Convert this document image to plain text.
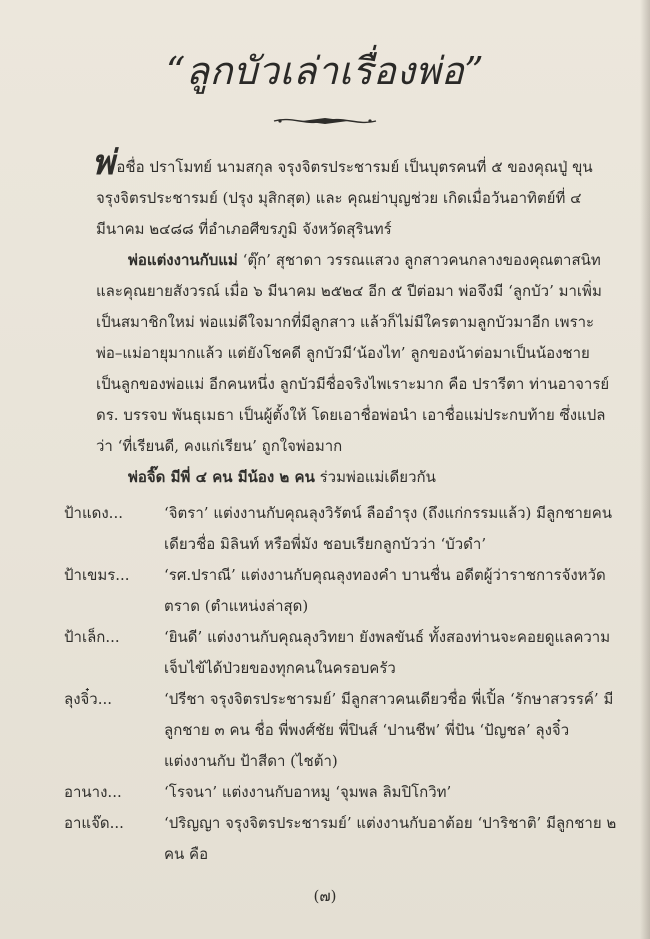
“ลูกบัวเล่าเรื่องพ่อ”

พ่อชื่อ ปราโมทย์ นามสกุล จรุงจิตรประชารมย์ เป็นบุตรคนที่ ๕ ของคุณปู่ ขุนจรุงจิตรประชารมย์ (ปรุง มุสิกสุต) และ คุณย่าบุญช่วย เกิดเมื่อวันอาทิตย์ที่ ๔ มีนาคม ๒๔๘๘ ที่อำเภอศีขรภูมิ จังหวัดสุรินทร์

พ่อแต่งงานกับแม่ ‘ตุ๊ก’ สุชาดา วรรณแสวง ลูกสาวคนกลางของคุณตาสนิท และคุณยายสังวรณ์ เมื่อ ๖ มีนาคม ๒๕๒๔ อีก ๕ ปีต่อมา พ่อจึงมี ‘ลูกบัว’ มาเพิ่มเป็นสมาชิกใหม่ พ่อแม่ดีใจมากที่มีลูกสาว แล้วก็ไม่มีใครตามลูกบัวมาอีก เพราะพ่อ–แม่อายุมากแล้ว แต่ยังโชคดี ลูกบัวมี‘น้องไท’ ลูกของน้าต่อมาเป็นน้องชาย เป็นลูกของพ่อแม่ อีกคนหนึ่ง ลูกบัวมีชื่อจริงไพเราะมาก คือ ปรารีตา ท่านอาจารย์ ดร. บรรจบ พันธุเมธา เป็นผู้ตั้งให้ โดยเอาชื่อพ่อนำ เอาชื่อแม่ประกบท้าย ซึ่งแปลว่า ‘ที่เรียนดี, คงแก่เรียน’ ถูกใจพ่อมาก

พ่อจิ๊ด มีพี่ ๔ คน มีน้อง ๒ คน ร่วมพ่อแม่เดียวกัน

ป้าแดง...	‘จิตรา’ แต่งงานกับคุณลุงวิรัตน์ ลืออำรุง (ถึงแก่กรรมแล้ว) มีลูกชายคนเดียวชื่อ มิลินท์ หรือพี่มัง ชอบเรียกลูกบัวว่า ‘บัวดำ’
ป้าเขมร...	‘รศ.ปราณี’ แต่งงานกับคุณลุงทองคำ บานชื่น อดีตผู้ว่าราชการจังหวัดตราด (ตำแหน่งล่าสุด)
ป้าเล็ก...	‘ยินดี’ แต่งงานกับคุณลุงวิทยา ยังพลขันธ์ ทั้งสองท่านจะคอยดูแลความเจ็บไข้ได้ป่วยของทุกคนในครอบครัว
ลุงจิ๋ว...	‘ปรีชา จรุงจิตรประชารมย์’ มีลูกสาวคนเดียวชื่อ พี่เปิ้ล ‘รักษาสวรรค์’ มีลูกชาย ๓ คน ชื่อ พี่พงศ์ชัย พี่ปินส์ ‘ปานชีพ’ พี่ปัน ‘ปัญชล’ ลุงจิ๋วแต่งงานกับ ป้าสีดา (ไชต้า)
อานาง...	‘โรจนา’ แต่งงานกับอาหมู ‘จุมพล ลิมปิโกวิท’
อาแจ๊ด...	‘ปริญญา จรุงจิตรประชารมย์’ แต่งงานกับอาต้อย ‘ปาริชาติ’ มีลูกชาย ๒ คน คือ
(๗)
